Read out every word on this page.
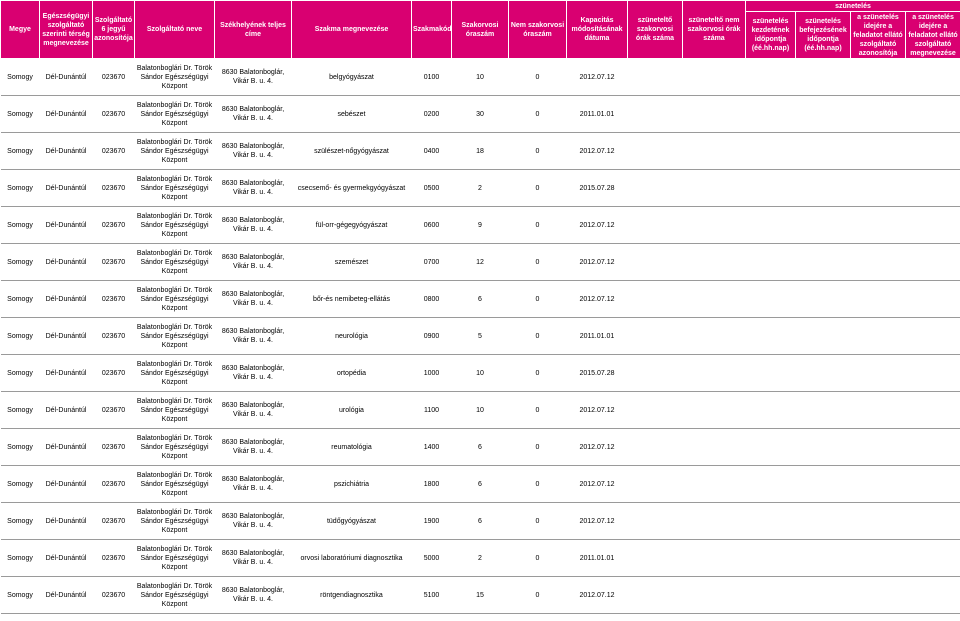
Megye	Egészségügyi szolgáltató szerinti térség megnevezése	Szolgáltató 6 jegyű azonosítója	Szolgáltató neve	Székhelyének teljes címe	Szakma megnevezése	Szakmakód	Szakorvosi óraszám	Nem szakorvosi óraszám	Kapacitás módosításának dátuma	szüneteltő szakorvosi órák száma	szüneteltő nem szakorvosi órák száma	szünetelés			
												szünetelés kezdetének időpontja (éé.hh.nap)	szünetelés befejezésének időpontja (éé.hh.nap)	a szünetelés idejére a feladatot ellátó szolgáltató azonosítója	a szünetelés idejére a feladatot ellátó szolgáltató megnevezése
Somogy	Dél-Dunántúl	023670	Balatonboglári Dr. Török Sándor Egészségügyi Központ	8630 Balatonboglár, Vikár B. u. 4.	belgyógyászat	0100	10	0	2012.07.12						
Somogy	Dél-Dunántúl	023670	Balatonboglári Dr. Török Sándor Egészségügyi Központ	8630 Balatonboglár, Vikár B. u. 4.	sebészet	0200	30	0	2011.01.01						
Somogy	Dél-Dunántúl	023670	Balatonboglári Dr. Török Sándor Egészségügyi Központ	8630 Balatonboglár, Vikár B. u. 4.	szülészet-nőgyógyászat	0400	18	0	2012.07.12						
Somogy	Dél-Dunántúl	023670	Balatonboglári Dr. Török Sándor Egészségügyi Központ	8630 Balatonboglár, Vikár B. u. 4.	csecsemő- és gyermekgyógyászat	0500	2	0	2015.07.28						
Somogy	Dél-Dunántúl	023670	Balatonboglári Dr. Török Sándor Egészségügyi Központ	8630 Balatonboglár, Vikár B. u. 4.	fül-orr-gégegyógyászat	0600	9	0	2012.07.12						
Somogy	Dél-Dunántúl	023670	Balatonboglári Dr. Török Sándor Egészségügyi Központ	8630 Balatonboglár, Vikár B. u. 4.	szemészet	0700	12	0	2012.07.12						
Somogy	Dél-Dunántúl	023670	Balatonboglári Dr. Török Sándor Egészségügyi Központ	8630 Balatonboglár, Vikár B. u. 4.	bőr-és nemibeteg-ellátás	0800	6	0	2012.07.12						
Somogy	Dél-Dunántúl	023670	Balatonboglári Dr. Török Sándor Egészségügyi Központ	8630 Balatonboglár, Vikár B. u. 4.	neurológia	0900	5	0	2011.01.01						
Somogy	Dél-Dunántúl	023670	Balatonboglári Dr. Török Sándor Egészségügyi Központ	8630 Balatonboglár, Vikár B. u. 4.	ortopédia	1000	10	0	2015.07.28						
Somogy	Dél-Dunántúl	023670	Balatonboglári Dr. Török Sándor Egészségügyi Központ	8630 Balatonboglár, Vikár B. u. 4.	urológia	1100	10	0	2012.07.12						
Somogy	Dél-Dunántúl	023670	Balatonboglári Dr. Török Sándor Egészségügyi Központ	8630 Balatonboglár, Vikár B. u. 4.	reumatológia	1400	6	0	2012.07.12						
Somogy	Dél-Dunántúl	023670	Balatonboglári Dr. Török Sándor Egészségügyi Központ	8630 Balatonboglár, Vikár B. u. 4.	pszichiátria	1800	6	0	2012.07.12						
Somogy	Dél-Dunántúl	023670	Balatonboglári Dr. Török Sándor Egészségügyi Központ	8630 Balatonboglár, Vikár B. u. 4.	tüdőgyógyászat	1900	6	0	2012.07.12						
Somogy	Dél-Dunántúl	023670	Balatonboglári Dr. Török Sándor Egészségügyi Központ	8630 Balatonboglár, Vikár B. u. 4.	orvosi laboratóriumi diagnosztika	5000	2	0	2011.01.01						
Somogy	Dél-Dunántúl	023670	Balatonboglári Dr. Török Sándor Egészségügyi Központ	8630 Balatonboglár, Vikár B. u. 4.	röntgendiagnosztika	5100	15	0	2012.07.12						
